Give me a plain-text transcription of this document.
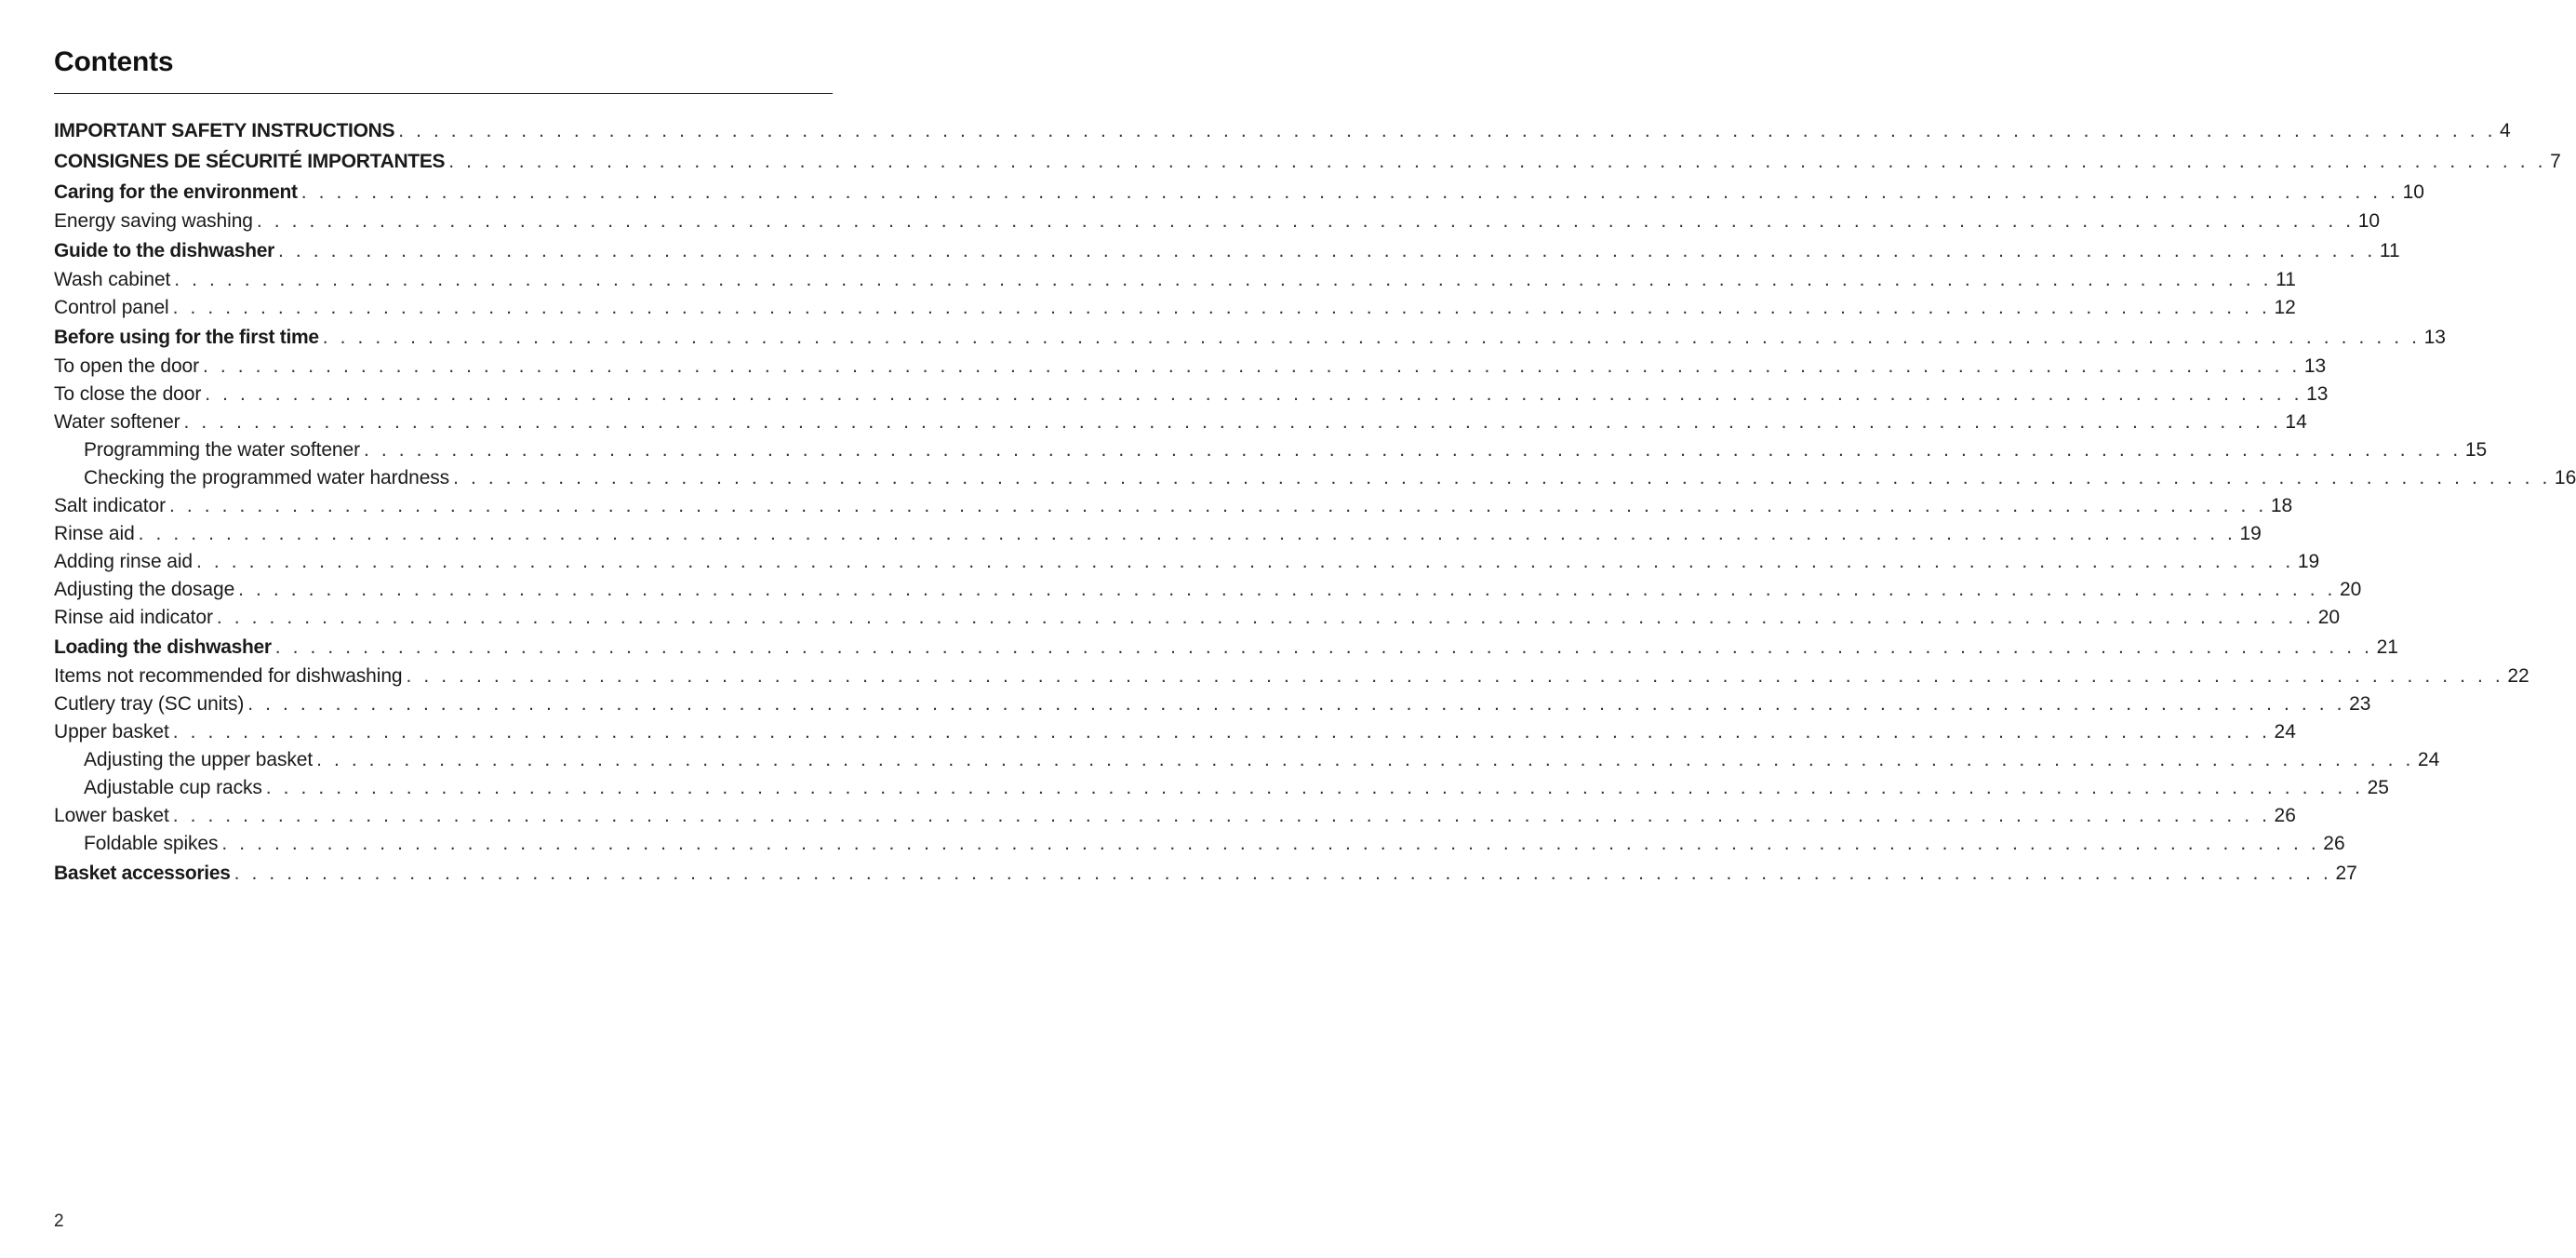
Contents
IMPORTANT SAFETY INSTRUCTIONS . . . . . . . . . . . . . . . . . . . . . . . . . . . . . . . . . . . . . . . . . . . . . . . . . . . . . . . . . . . . . . . . . . . . . . . . . . . . . . . . . . . . . . . . . . . . . . . . . . . . . . . . . . . . . . . . . . . . . . . . 4
CONSIGNES DE SÉCURITÉ IMPORTANTES . . . . . . . . . . . . . . . . . . . . . . . . . . . . . . . . . . . . . . . . . . . . . . . . . . . . . . . . . . . . . . . . . . . . . . . . . . . . . . . . . . . . . . . . . . . . . . . . . . . . . . . . . . . . . . . . . . . . . . . . 7
Caring for the environment . . . . . . . . . . . . . . . . . . . . . . . . . . . . . . . . . . . . . . . . . . . . . . . . . . . . . . . . . . . . . . . . . . . . . . . . . . . . . . . . . . . . . . . . . . . . . . . . . . . . . . . . . . . . . . . . . . . . . . . . 10
Energy saving washing . . . . . . . . . . . . . . . . . . . . . . . . . . . . . . . . . . . . . . . . . . . . . . . . . . . . . . . . . . . . . . . . . . . . . . . . . . . . . . . . . . . . . . . . . . . . . . . . . . . . . . . . . . . . . . . . . . . . . . . . 10
Guide to the dishwasher . . . . . . . . . . . . . . . . . . . . . . . . . . . . . . . . . . . . . . . . . . . . . . . . . . . . . . . . . . . . . . . . . . . . . . . . . . . . . . . . . . . . . . . . . . . . . . . . . . . . . . . . . . . . . . . . . . . . . . . . 11
Wash cabinet . . . . . . . . . . . . . . . . . . . . . . . . . . . . . . . . . . . . . . . . . . . . . . . . . . . . . . . . . . . . . . . . . . . . . . . . . . . . . . . . . . . . . . . . . . . . . . . . . . . . . . . . . . . . . . . . . . . . . . . . 11
Control panel . . . . . . . . . . . . . . . . . . . . . . . . . . . . . . . . . . . . . . . . . . . . . . . . . . . . . . . . . . . . . . . . . . . . . . . . . . . . . . . . . . . . . . . . . . . . . . . . . . . . . . . . . . . . . . . . . . . . . . . . 12
Before using for the first time . . . . . . . . . . . . . . . . . . . . . . . . . . . . . . . . . . . . . . . . . . . . . . . . . . . . . . . . . . . . . . . . . . . . . . . . . . . . . . . . . . . . . . . . . . . . . . . . . . . . . . . . . . . . . . . . . . . . . . . . 13
To open the door . . . . . . . . . . . . . . . . . . . . . . . . . . . . . . . . . . . . . . . . . . . . . . . . . . . . . . . . . . . . . . . . . . . . . . . . . . . . . . . . . . . . . . . . . . . . . . . . . . . . . . . . . . . . . . . . . . . . . . . . 13
To close the door . . . . . . . . . . . . . . . . . . . . . . . . . . . . . . . . . . . . . . . . . . . . . . . . . . . . . . . . . . . . . . . . . . . . . . . . . . . . . . . . . . . . . . . . . . . . . . . . . . . . . . . . . . . . . . . . . . . . . . . . 13
Water softener . . . . . . . . . . . . . . . . . . . . . . . . . . . . . . . . . . . . . . . . . . . . . . . . . . . . . . . . . . . . . . . . . . . . . . . . . . . . . . . . . . . . . . . . . . . . . . . . . . . . . . . . . . . . . . . . . . . . . . . . 14
Programming the water softener . . . . . . . . . . . . . . . . . . . . . . . . . . . . . . . . . . . . . . . . . . . . . . . . . . . . . . . . . . . . . . . . . . . . . . . . . . . . . . . . . . . . . . . . . . . . . . . . . . . . . . . . . . . . . . . . . . . . . . . . 15
Checking the programmed water hardness . . . . . . . . . . . . . . . . . . . . . . . . . . . . . . . . . . . . . . . . . . . . . . . . . . . . . . . . . . . . . . . . . . . . . . . . . . . . . . . . . . . . . . . . . . . . . . . . . . . . . . . . . . . . . . . . . . . . . . . . 16
Salt indicator . . . . . . . . . . . . . . . . . . . . . . . . . . . . . . . . . . . . . . . . . . . . . . . . . . . . . . . . . . . . . . . . . . . . . . . . . . . . . . . . . . . . . . . . . . . . . . . . . . . . . . . . . . . . . . . . . . . . . . . . 18
Rinse aid . . . . . . . . . . . . . . . . . . . . . . . . . . . . . . . . . . . . . . . . . . . . . . . . . . . . . . . . . . . . . . . . . . . . . . . . . . . . . . . . . . . . . . . . . . . . . . . . . . . . . . . . . . . . . . . . . . . . . . . . 19
Adding rinse aid . . . . . . . . . . . . . . . . . . . . . . . . . . . . . . . . . . . . . . . . . . . . . . . . . . . . . . . . . . . . . . . . . . . . . . . . . . . . . . . . . . . . . . . . . . . . . . . . . . . . . . . . . . . . . . . . . . . . . . . . 19
Adjusting the dosage . . . . . . . . . . . . . . . . . . . . . . . . . . . . . . . . . . . . . . . . . . . . . . . . . . . . . . . . . . . . . . . . . . . . . . . . . . . . . . . . . . . . . . . . . . . . . . . . . . . . . . . . . . . . . . . . . . . . . . . . 20
Rinse aid indicator . . . . . . . . . . . . . . . . . . . . . . . . . . . . . . . . . . . . . . . . . . . . . . . . . . . . . . . . . . . . . . . . . . . . . . . . . . . . . . . . . . . . . . . . . . . . . . . . . . . . . . . . . . . . . . . . . . . . . . . . 20
Loading the dishwasher . . . . . . . . . . . . . . . . . . . . . . . . . . . . . . . . . . . . . . . . . . . . . . . . . . . . . . . . . . . . . . . . . . . . . . . . . . . . . . . . . . . . . . . . . . . . . . . . . . . . . . . . . . . . . . . . . . . . . . . . 21
Items not recommended for dishwashing . . . . . . . . . . . . . . . . . . . . . . . . . . . . . . . . . . . . . . . . . . . . . . . . . . . . . . . . . . . . . . . . . . . . . . . . . . . . . . . . . . . . . . . . . . . . . . . . . . . . . . . . . . . . . . . . . . . . . . . . 22
Cutlery tray (SC units) . . . . . . . . . . . . . . . . . . . . . . . . . . . . . . . . . . . . . . . . . . . . . . . . . . . . . . . . . . . . . . . . . . . . . . . . . . . . . . . . . . . . . . . . . . . . . . . . . . . . . . . . . . . . . . . . . . . . . . . . 23
Upper basket . . . . . . . . . . . . . . . . . . . . . . . . . . . . . . . . . . . . . . . . . . . . . . . . . . . . . . . . . . . . . . . . . . . . . . . . . . . . . . . . . . . . . . . . . . . . . . . . . . . . . . . . . . . . . . . . . . . . . . . . 24
Adjusting the upper basket . . . . . . . . . . . . . . . . . . . . . . . . . . . . . . . . . . . . . . . . . . . . . . . . . . . . . . . . . . . . . . . . . . . . . . . . . . . . . . . . . . . . . . . . . . . . . . . . . . . . . . . . . . . . . . . . . . . . . . . . 24
Adjustable cup racks . . . . . . . . . . . . . . . . . . . . . . . . . . . . . . . . . . . . . . . . . . . . . . . . . . . . . . . . . . . . . . . . . . . . . . . . . . . . . . . . . . . . . . . . . . . . . . . . . . . . . . . . . . . . . . . . . . . . . . . . 25
Lower basket . . . . . . . . . . . . . . . . . . . . . . . . . . . . . . . . . . . . . . . . . . . . . . . . . . . . . . . . . . . . . . . . . . . . . . . . . . . . . . . . . . . . . . . . . . . . . . . . . . . . . . . . . . . . . . . . . . . . . . . . 26
Foldable spikes . . . . . . . . . . . . . . . . . . . . . . . . . . . . . . . . . . . . . . . . . . . . . . . . . . . . . . . . . . . . . . . . . . . . . . . . . . . . . . . . . . . . . . . . . . . . . . . . . . . . . . . . . . . . . . . . . . . . . . . . 26
Basket accessories . . . . . . . . . . . . . . . . . . . . . . . . . . . . . . . . . . . . . . . . . . . . . . . . . . . . . . . . . . . . . . . . . . . . . . . . . . . . . . . . . . . . . . . . . . . . . . . . . . . . . . . . . . . . . . . . . . . . . . . . 27
2
